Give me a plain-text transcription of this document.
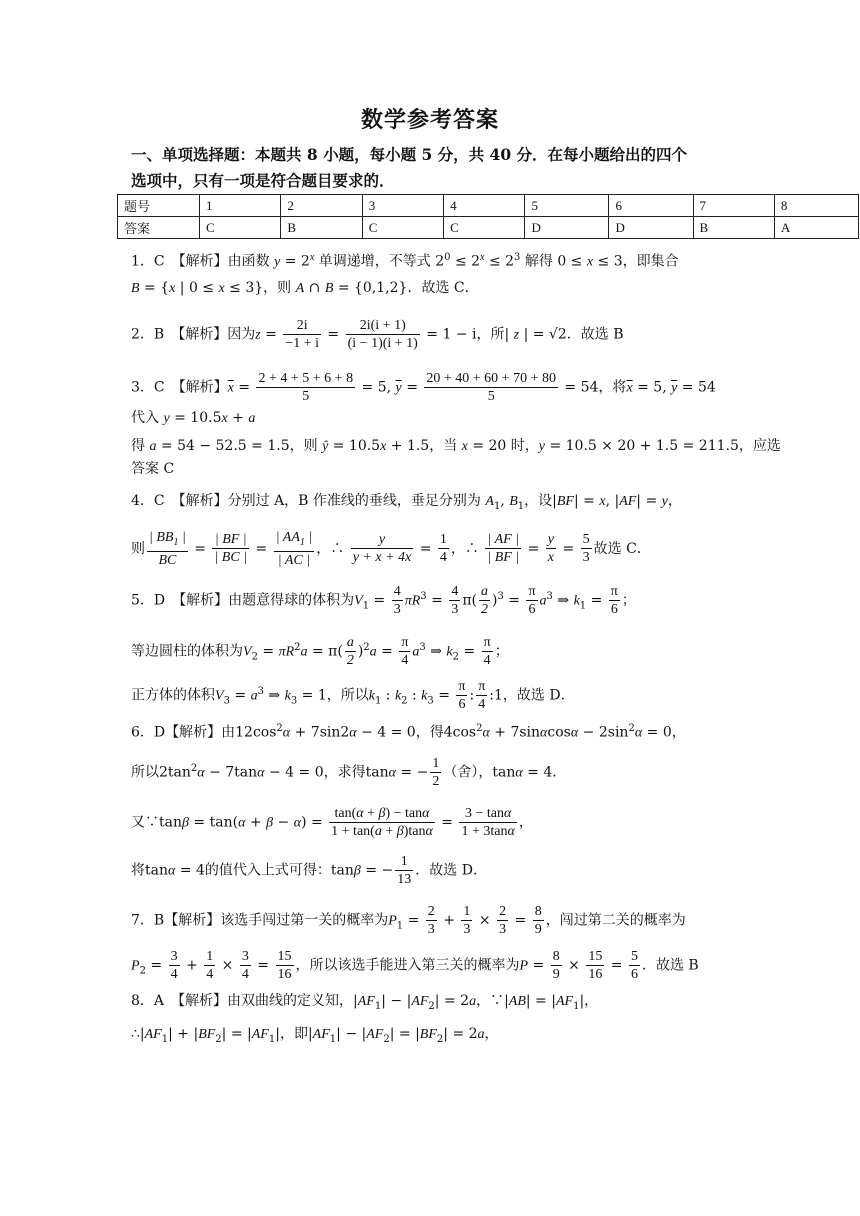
数学参考答案
一、单项选择题：本题共 8 小题，每小题 5 分，共 40 分．在每小题给出的四个
选项中，只有一项是符合题目要求的．
题号	1	2	3	4	5	6	7	8
答案	C	B	C	C	D	D	B	A
1．C　【解析】由函数 $y = 2^x$ 单调递增，不等式 $2^0 \le 2^x \le 2^3$ 解得 0 ≤ x ≤ 3，即集合
B = {x | 0 ≤ x ≤ 3}，则 A ∩ B = {0,1,2}．故选 C．
2．B　【解析】因为$z = \frac{2i}{-1 + i} = \frac{2i(i + 1)}{(i - 1)(i + 1)} = 1 - i$，所| z | = √2．故选 B
3．C　【解析】$\overline{x} = \frac{2 + 4 + 5 + 6 + 8}{5} = 5$, $\overline{y} = \frac{20 + 40 + 60 + 70 + 80}{5} = 54$，将$\overline{x} = 5$, $\overline{y} = 54$
代入 y = 10.5x + a
得 a = 54 − 52.5 = 1.5，则 ŷ = 10.5x + 1.5，当 x = 20 时，y = 10.5 × 20 + 1.5 = 211.5，应选
答案 C
4．C　【解析】分别过 A，B 作准线的垂线，垂足分别为 $A_1$, $B_1$，设|BF| = x, |AF| = y，
则 $\frac{| BB_1 |}{BC} = \frac{| BF |}{| BC |} = \frac{| AA_1 |}{| AC |}$ ，∴ $\frac{y}{y + x + 4x} = \frac{1}{4}$ ，∴ $\frac{| AF |}{| BF |} = \frac{y}{x} = \frac{5}{3}$ 故选 C．
5．D　【解析】由题意得球的体积为$V_1 = \frac{4}{3} \pi R^3 = \frac{4}{3} \pi( \frac{a}{2} )^3 = \frac{\pi}{6} a^3$ ⇒ $k_1 = \frac{\pi}{6}$ ；
等边圆柱的体积为$V_2 = \pi R^2a = \pi( \frac{a}{2} )^2a = \frac{\pi}{4} a^3$ ⇒ $k_2 = \frac{\pi}{4}$ ；
正方体的体积$V_3 = a^3$ ⇒ $k_3 = 1$，所以$k_1$ : $k_2$ : $k_3 = \frac{\pi}{6}$ : $\frac{\pi}{4}$ :1，故选 D．
6．D【解析】由$12\cos^2\alpha + 7\sin 2\alpha - 4 = 0$，得$4\cos^2\alpha + 7\sin\alpha\cos\alpha - 2\sin^2\alpha = 0$，
所以$2\tan^2\alpha - 7\tan\alpha - 4 = 0$，求得tanα = − $\frac{1}{2}$ （舍），tanα = 4．
又∵tanβ = $\tan(\alpha + \beta - \alpha) = \frac{\tan(\alpha + \beta) - \tan\alpha}{1 + \tan(a + \beta)\tan\alpha} = \frac{3 - \tan\alpha}{1 + 3\tan\alpha}$ ，
将tanα = 4的值代入上式可得：tanβ = − $\frac{1}{13}$ ．故选 D．
7．B【解析】该选手闯过第一关的概率为$P_1 = \frac{2}{3} + \frac{1}{3} \times \frac{2}{3} = \frac{8}{9}$ ，闯过第二关的概率为
$P_2 = \frac{3}{4} + \frac{1}{4} \times \frac{3}{4} = \frac{15}{16}$ ，所以该选手能进入第三关的概率为$P = \frac{8}{9} \times \frac{15}{16} = \frac{5}{6}$ ．故选 B
8．A　【解析】由双曲线的定义知，$|AF_1| - |AF_2| = 2a$，∵|AB| = $|AF_1|$，
$\therefore|AF_1| + |BF_2| = |AF_1|$，即$|AF_1| - |AF_2| = |BF_2| = 2a$，
